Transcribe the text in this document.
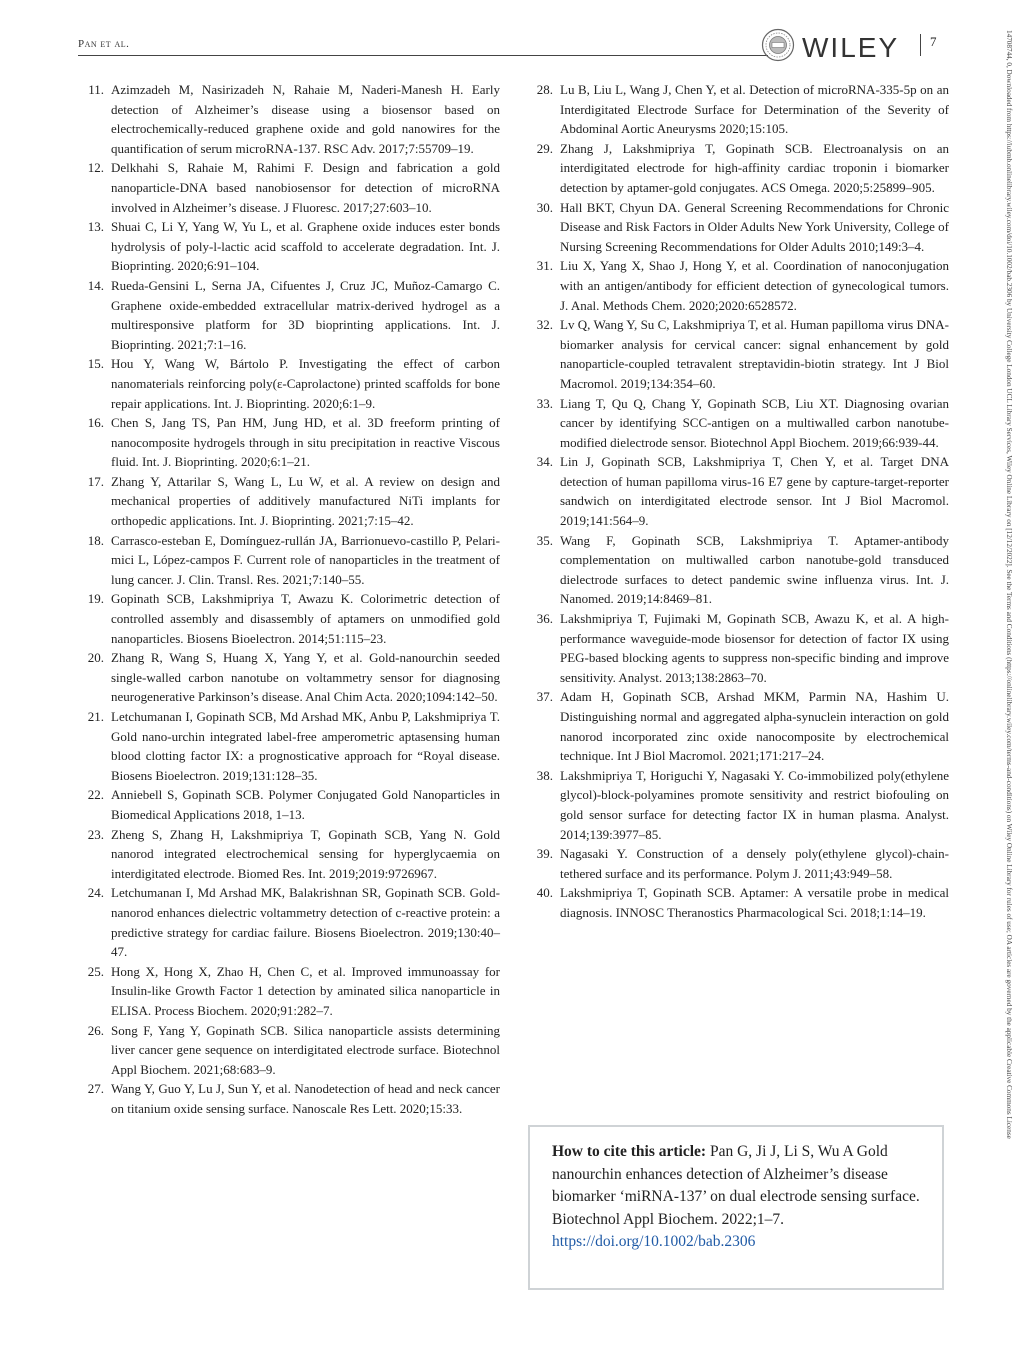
Pan et al.	WILEY 7
11. Azimzadeh M, Nasirizadeh N, Rahaie M, Naderi-Manesh H. Early detection of Alzheimer’s disease using a biosensor based on electrochemically-reduced graphene oxide and gold nanowires for the quantification of serum microRNA-137. RSC Adv. 2017;7:55709–19.
12. Delkhahi S, Rahaie M, Rahimi F. Design and fabrication a gold nanoparticle-DNA based nanobiosensor for detection of microRNA involved in Alzheimer’s disease. J Fluoresc. 2017;27:603–10.
13. Shuai C, Li Y, Yang W, Yu L, et al. Graphene oxide induces ester bonds hydrolysis of poly-l-lactic acid scaffold to accelerate degradation. Int. J. Bioprinting. 2020;6:91–104.
14. Rueda-Gensini L, Serna JA, Cifuentes J, Cruz JC, Muñoz-Camargo C. Graphene oxide-embedded extracellular matrix-derived hydrogel as a multiresponsive platform for 3D bioprinting applications. Int. J. Bioprinting. 2021;7:1–16.
15. Hou Y, Wang W, Bártolo P. Investigating the effect of carbon nanomaterials reinforcing poly(ε-Caprolactone) printed scaffolds for bone repair applications. Int. J. Bioprinting. 2020;6:1–9.
16. Chen S, Jang TS, Pan HM, Jung HD, et al. 3D freeform printing of nanocomposite hydrogels through in situ precipitation in reactive Viscous fluid. Int. J. Bioprinting. 2020;6:1–21.
17. Zhang Y, Attarilar S, Wang L, Lu W, et al. A review on design and mechanical properties of additively manufactured NiTi implants for orthopedic applications. Int. J. Bioprinting. 2021;7:15–42.
18. Carrasco-esteban E, Domínguez-rullán JA, Barrionuevo-castillo P, Pelari-mici L, López-campos F. Current role of nanoparticles in the treatment of lung cancer. J. Clin. Transl. Res. 2021;7:140–55.
19. Gopinath SCB, Lakshmipriya T, Awazu K. Colorimetric detection of controlled assembly and disassembly of aptamers on unmodified gold nanoparticles. Biosens Bioelectron. 2014;51:115–23.
20. Zhang R, Wang S, Huang X, Yang Y, et al. Gold-nanourchin seeded single-walled carbon nanotube on voltammetry sensor for diagnosing neurogenerative Parkinson’s disease. Anal Chim Acta. 2020;1094:142–50.
21. Letchumanan I, Gopinath SCB, Md Arshad MK, Anbu P, Lakshmipriya T. Gold nano-urchin integrated label-free amperometric aptasensing human blood clotting factor IX: a prognosticative approach for “Royal disease. Biosens Bioelectron. 2019;131:128–35.
22. Anniebell S, Gopinath SCB. Polymer Conjugated Gold Nanoparticles in Biomedical Applications 2018, 1–13.
23. Zheng S, Zhang H, Lakshmipriya T, Gopinath SCB, Yang N. Gold nanorod integrated electrochemical sensing for hyperglycaemia on interdigitated electrode. Biomed Res. Int. 2019;2019:9726967.
24. Letchumanan I, Md Arshad MK, Balakrishnan SR, Gopinath SCB. Gold-nanorod enhances dielectric voltammetry detection of c-reactive protein: a predictive strategy for cardiac failure. Biosens Bioelectron. 2019;130:40–47.
25. Hong X, Hong X, Zhao H, Chen C, et al. Improved immunoassay for Insulin-like Growth Factor 1 detection by aminated silica nanoparticle in ELISA. Process Biochem. 2020;91:282–7.
26. Song F, Yang Y, Gopinath SCB. Silica nanoparticle assists determining liver cancer gene sequence on interdigitated electrode surface. Biotechnol Appl Biochem. 2021;68:683–9.
27. Wang Y, Guo Y, Lu J, Sun Y, et al. Nanodetection of head and neck cancer on titanium oxide sensing surface. Nanoscale Res Lett. 2020;15:33.
28. Lu B, Liu L, Wang J, Chen Y, et al. Detection of microRNA-335-5p on an Interdigitated Electrode Surface for Determination of the Severity of Abdominal Aortic Aneurysms 2020;15:105.
29. Zhang J, Lakshmipriya T, Gopinath SCB. Electroanalysis on an interdigitated electrode for high-affinity cardiac troponin i biomarker detection by aptamer-gold conjugates. ACS Omega. 2020;5:25899–905.
30. Hall BKT, Chyun DA. General Screening Recommendations for Chronic Disease and Risk Factors in Older Adults New York University, College of Nursing Screening Recommendations for Older Adults 2010;149:3–4.
31. Liu X, Yang X, Shao J, Hong Y, et al. Coordination of nanoconjugation with an antigen/antibody for efficient detection of gynecological tumors. J. Anal. Methods Chem. 2020;2020:6528572.
32. Lv Q, Wang Y, Su C, Lakshmipriya T, et al. Human papilloma virus DNA-biomarker analysis for cervical cancer: signal enhancement by gold nanoparticle-coupled tetravalent streptavidin-biotin strategy. Int J Biol Macromol. 2019;134:354–60.
33. Liang T, Qu Q, Chang Y, Gopinath SCB, Liu XT. Diagnosing ovarian cancer by identifying SCC-antigen on a multiwalled carbon nanotube-modified dielectrode sensor. Biotechnol Appl Biochem. 2019;66:939-44.
34. Lin J, Gopinath SCB, Lakshmipriya T, Chen Y, et al. Target DNA detection of human papilloma virus-16 E7 gene by capture-target-reporter sandwich on interdigitated electrode sensor. Int J Biol Macromol. 2019;141:564–9.
35. Wang F, Gopinath SCB, Lakshmipriya T. Aptamer-antibody complementation on multiwalled carbon nanotube-gold transduced dielectrode surfaces to detect pandemic swine influenza virus. Int. J. Nanomed. 2019;14:8469–81.
36. Lakshmipriya T, Fujimaki M, Gopinath SCB, Awazu K, et al. A high-performance waveguide-mode biosensor for detection of factor IX using PEG-based blocking agents to suppress non-specific binding and improve sensitivity. Analyst. 2013;138:2863–70.
37. Adam H, Gopinath SCB, Arshad MKM, Parmin NA, Hashim U. Distinguishing normal and aggregated alpha-synuclein interaction on gold nanorod incorporated zinc oxide nanocomposite by electrochemical technique. Int J Biol Macromol. 2021;171:217–24.
38. Lakshmipriya T, Horiguchi Y, Nagasaki Y. Co-immobilized poly(ethylene glycol)-block-polyamines promote sensitivity and restrict biofouling on gold sensor surface for detecting factor IX in human plasma. Analyst. 2014;139:3977–85.
39. Nagasaki Y. Construction of a densely poly(ethylene glycol)-chain-tethered surface and its performance. Polym J. 2011;43:949–58.
40. Lakshmipriya T, Gopinath SCB. Aptamer: A versatile probe in medical diagnosis. INNOSC Theranostics Pharmacological Sci. 2018;1:14–19.
How to cite this article: Pan G, Ji J, Li S, Wu A Gold nanourchin enhances detection of Alzheimer’s disease biomarker ‘miRNA-137’ on dual electrode sensing surface. Biotechnol Appl Biochem. 2022;1–7.
https://doi.org/10.1002/bab.2306
14708744, 0, Downloaded from https://iubmb.onlinelibrary.wiley.com/doi/10.1002/bab.2306 by University College London UCL Library Services, Wiley Online Library on [12/12/2022]. See the Terms and Conditions (https://onlinelibrary.wiley.com/terms-and-conditions) on Wiley Online Library for rules of use; OA articles are governed by the applicable Creative Commons License
